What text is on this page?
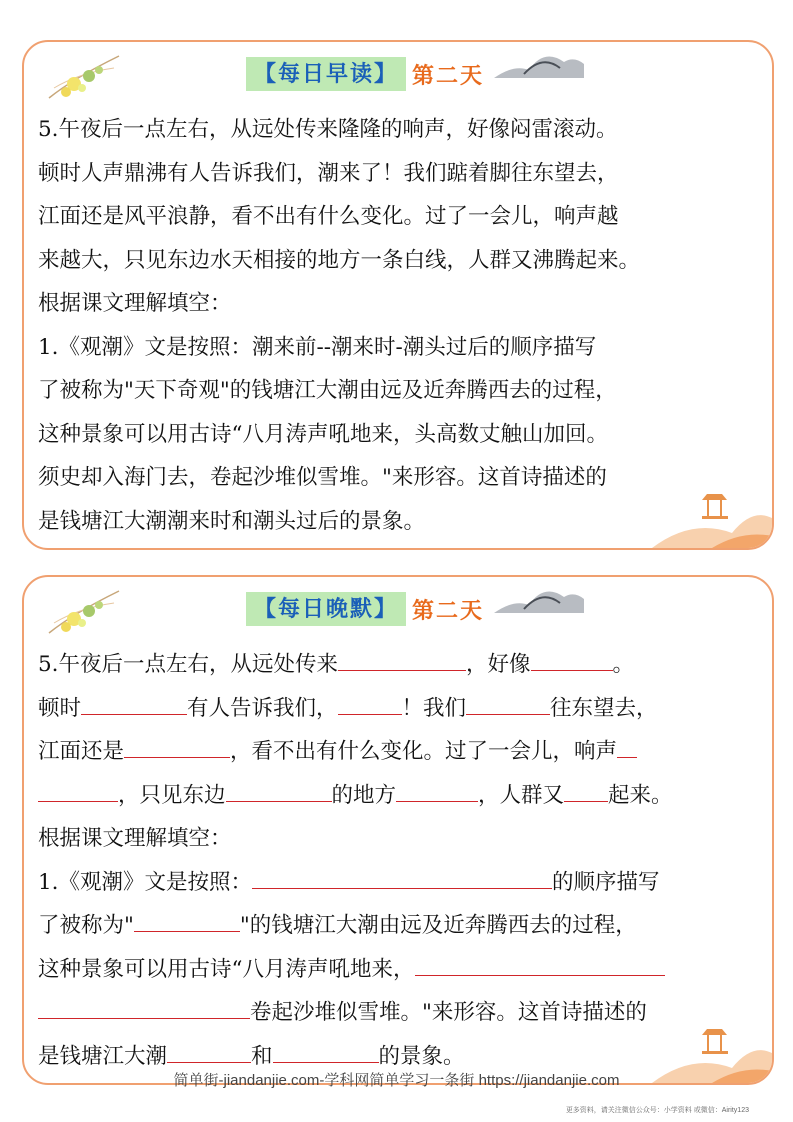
【每日早读】 第二天
5.午夜后一点左右，从远处传来隆隆的响声，好像闷雷滚动。
顿时人声鼎沸有人告诉我们，潮来了！我们踮着脚往东望去，
江面还是风平浪静，看不出有什么变化。过了一会儿，响声越
来越大，只见东边水天相接的地方一条白线，人群又沸腾起来。
根据课文理解填空：
1.《观潮》文是按照：潮来前--潮来时-潮头过后的顺序描写
了被称为"天下奇观"的钱塘江大潮由远及近奔腾西去的过程，
这种景象可以用古诗“八月涛声吼地来，头高数丈触山加回。
须史却入海门去，卷起沙堆似雪堆。"来形容。这首诗描述的
是钱塘江大潮潮来时和潮头过后的景象。
【每日晚默】 第二天
5.午夜后一点左右，从远处传来	，好像	。
顿时	有人告诉我们，	！我们	往东望去，
江面还是	，看不出有什么变化。过了一会儿，响声
，只见东边	的地方	，人群又 起来。
根据课文理解填空：
1.《观潮》文是按照：	的顺序描写
了被称为"	"的钱塘江大潮由远及近奔腾西去的过程，
这种景象可以用古诗“八月涛声吼地来，
卷起沙堆似雪堆。"来形容。这首诗描述的
是钱塘江大潮	和	的景象。
简单街-jiandanjie.com-学科网简单学习一条街 https://jiandanjie.com
更多资料，请关注微信公众号：小学资料 或微信：Airity123
